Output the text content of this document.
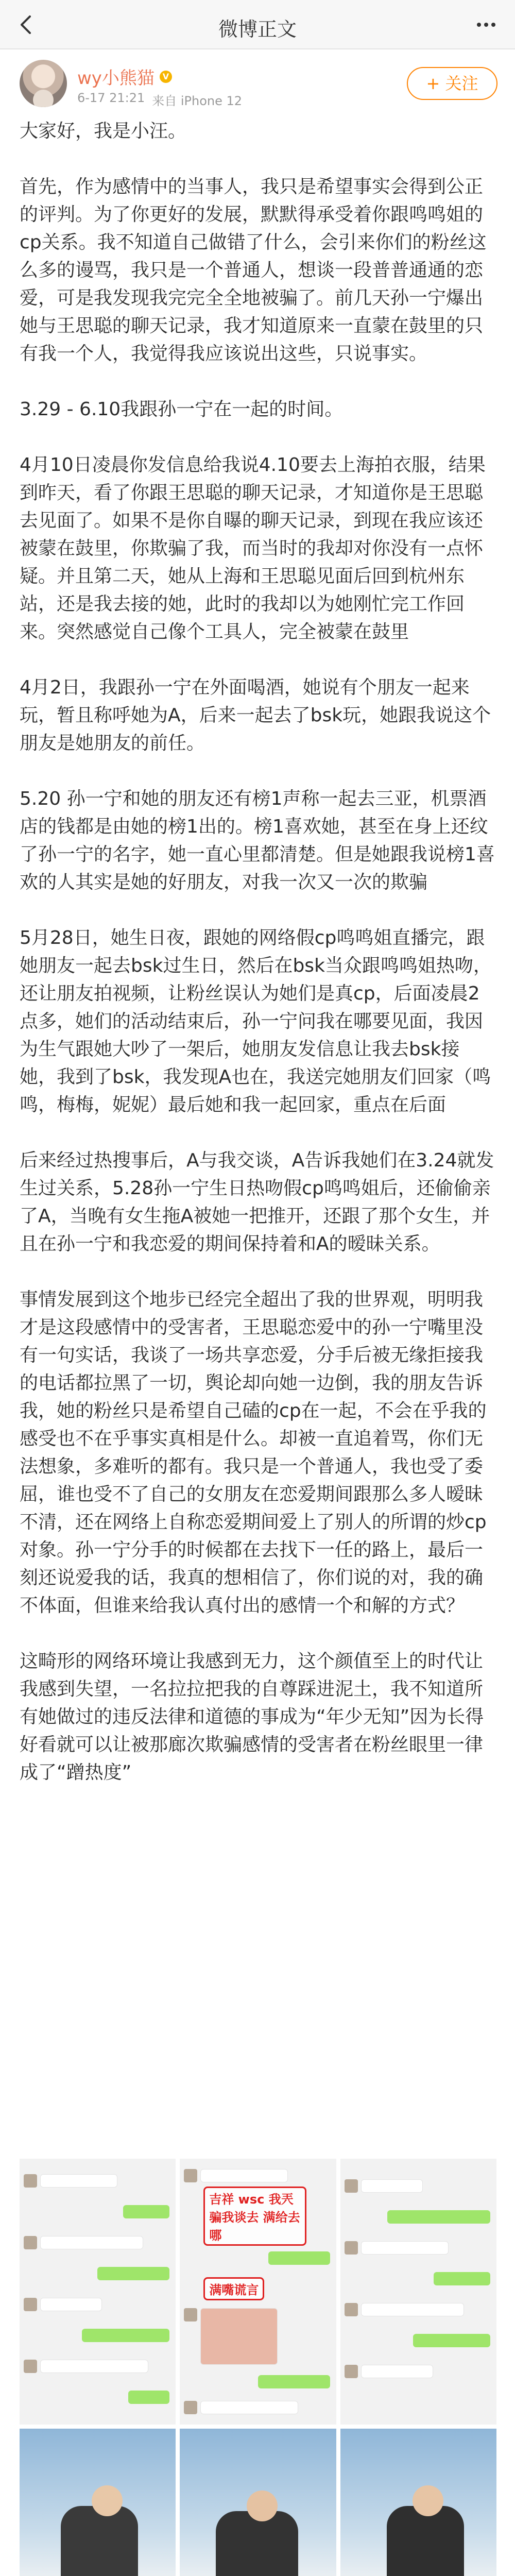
微博正文
wy小熊猫 V
6-17 21:21 来自 iPhone 12
+ 关注

大家好，我是小汪。

首先，作为感情中的当事人，我只是希望事实会得到公正的评判。为了你更好的发展，默默得承受着你跟鸣鸣姐的cp关系。我不知道自己做错了什么，会引来你们的粉丝这么多的谩骂，我只是一个普通人，想谈一段普普通通的恋爱，可是我发现我完完全全地被骗了。前几天孙一宁爆出她与王思聪的聊天记录，我才知道原来一直蒙在鼓里的只有我一个人，我觉得我应该说出这些，只说事实。

3.29 - 6.10我跟孙一宁在一起的时间。

4月10日凌晨你发信息给我说4.10要去上海拍衣服，结果到昨天，看了你跟王思聪的聊天记录，才知道你是王思聪去见面了。如果不是你自曝的聊天记录，到现在我应该还被蒙在鼓里，你欺骗了我，而当时的我却对你没有一点怀疑。并且第二天，她从上海和王思聪见面后回到杭州东站，还是我去接的她，此时的我却以为她刚忙完工作回来。突然感觉自己像个工具人，完全被蒙在鼓里

4月2日，我跟孙一宁在外面喝酒，她说有个朋友一起来玩，暂且称呼她为A，后来一起去了bsk玩，她跟我说这个朋友是她朋友的前任。

5.20 孙一宁和她的朋友还有榜1声称一起去三亚，机票酒店的钱都是由她的榜1出的。榜1喜欢她，甚至在身上还纹了孙一宁的名字，她一直心里都清楚。但是她跟我说榜1喜欢的人其实是她的好朋友，对我一次又一次的欺骗

5月28日，她生日夜，跟她的网络假cp鸣鸣姐直播完，跟她朋友一起去bsk过生日，然后在bsk当众跟鸣鸣姐热吻，还让朋友拍视频，让粉丝误认为她们是真cp，后面凌晨2点多，她们的活动结束后，孙一宁问我在哪要见面，我因为生气跟她大吵了一架后，她朋友发信息让我去bsk接她，我到了bsk，我发现A也在，我送完她朋友们回家（鸣鸣，梅梅，妮妮）最后她和我一起回家，重点在后面

后来经过热搜事后，A与我交谈，A告诉我她们在3.24就发生过关系，5.28孙一宁生日热吻假cp鸣鸣姐后，还偷偷亲了A，当晚有女生拖A被她一把推开，还跟了那个女生，并且在孙一宁和我恋爱的期间保持着和A的暧昧关系。

事情发展到这个地步已经完全超出了我的世界观，明明我才是这段感情中的受害者，王思聪恋爱中的孙一宁嘴里没有一句实话，我谈了一场共享恋爱，分手后被无缘拒接我的电话都拉黑了一切，舆论却向她一边倒，我的朋友告诉我，她的粉丝只是希望自己磕的cp在一起，不会在乎我的感受也不在乎事实真相是什么。却被一直追着骂，你们无法想象，多难听的都有。我只是一个普通人，我也受了委屈，谁也受不了自己的女朋友在恋爱期间跟那么多人暧昧不清，还在网络上自称恋爱期间爱上了别人的所谓的炒cp对象。孙一宁分手的时候都在去找下一任的路上，最后一刻还说爱我的话，我真的想相信了，你们说的对，我的确不体面，但谁来给我认真付出的感情一个和解的方式？

这畸形的网络环境让我感到无力，这个颜值至上的时代让我感到失望，一名拉拉把我的自尊踩进泥土，我不知道所有她做过的违反法律和道德的事成为“年少无知”因为长得好看就可以让被那廊次欺骗感情的受害者在粉丝眼里一律成了“蹭热度”

吉祥 wsc 我兲 骗我谈去 满给去哪
满嘴谎言
